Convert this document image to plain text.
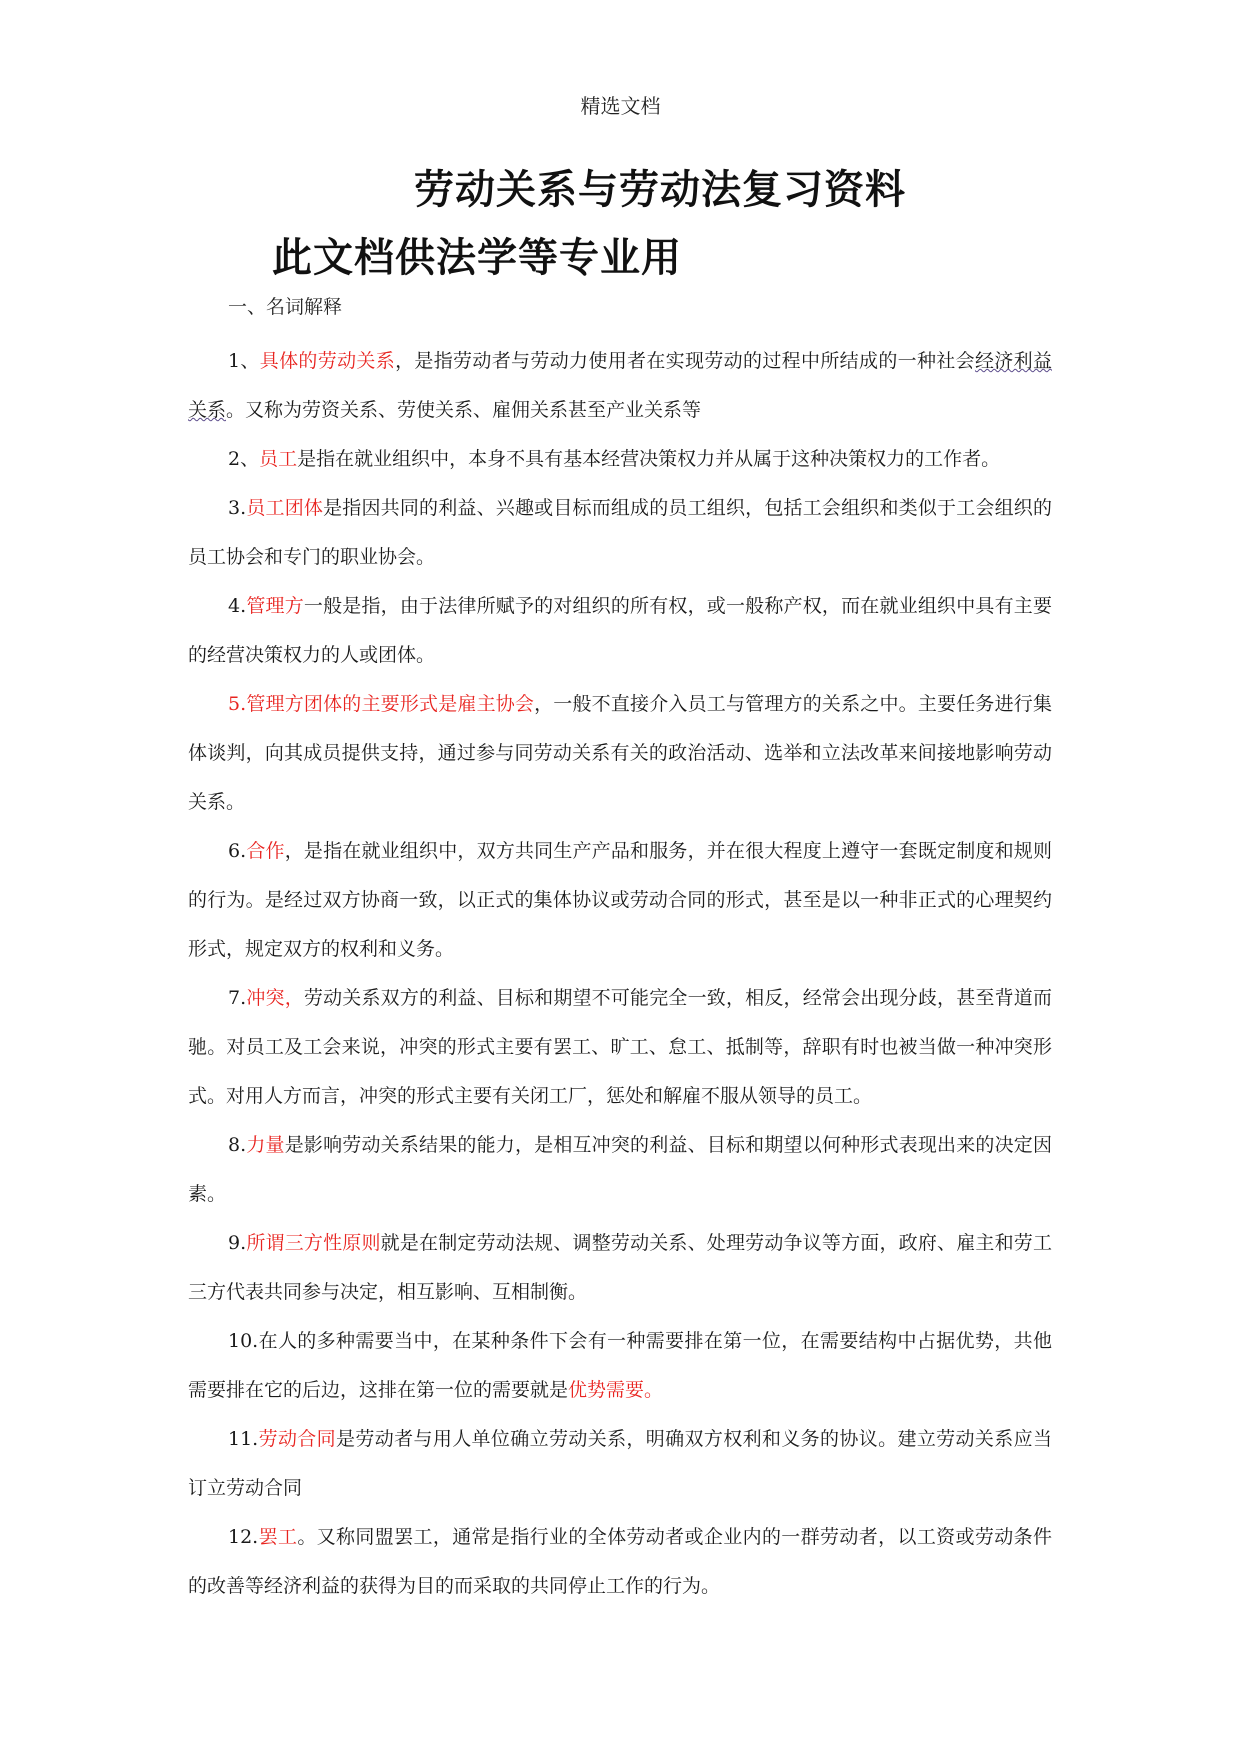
精选文档
劳动关系与劳动法复习资料
此文档供法学等专业用
一、名词解释

1、具体的劳动关系，是指劳动者与劳动力使用者在实现劳动的过程中所结成的一种社会经济利益关系。又称为劳资关系、劳使关系、雇佣关系甚至产业关系等

2、员工是指在就业组织中，本身不具有基本经营决策权力并从属于这种决策权力的工作者。

3.员工团体是指因共同的利益、兴趣或目标而组成的员工组织，包括工会组织和类似于工会组织的员工协会和专门的职业协会。

4.管理方一般是指，由于法律所赋予的对组织的所有权，或一般称产权，而在就业组织中具有主要的经营决策权力的人或团体。

5.管理方团体的主要形式是雇主协会，一般不直接介入员工与管理方的关系之中。主要任务进行集体谈判，向其成员提供支持，通过参与同劳动关系有关的政治活动、选举和立法改革来间接地影响劳动关系。

6.合作，是指在就业组织中，双方共同生产产品和服务，并在很大程度上遵守一套既定制度和规则的行为。是经过双方协商一致，以正式的集体协议或劳动合同的形式，甚至是以一种非正式的心理契约形式，规定双方的权利和义务。

7.冲突，劳动关系双方的利益、目标和期望不可能完全一致，相反，经常会出现分歧，甚至背道而驰。对员工及工会来说，冲突的形式主要有罢工、旷工、怠工、抵制等，辞职有时也被当做一种冲突形式。对用人方而言，冲突的形式主要有关闭工厂，惩处和解雇不服从领导的员工。

8.力量是影响劳动关系结果的能力，是相互冲突的利益、目标和期望以何种形式表现出来的决定因素。

9.所谓三方性原则就是在制定劳动法规、调整劳动关系、处理劳动争议等方面，政府、雇主和劳工三方代表共同参与决定，相互影响、互相制衡。

10.在人的多种需要当中，在某种条件下会有一种需要排在第一位，在需要结构中占据优势，共他需要排在它的后边，这排在第一位的需要就是优势需要。

11.劳动合同是劳动者与用人单位确立劳动关系，明确双方权利和义务的协议。建立劳动关系应当订立劳动合同

12.罢工。又称同盟罢工，通常是指行业的全体劳动者或企业内的一群劳动者，以工资或劳动条件的改善等经济利益的获得为目的而采取的共同停止工作的行为。
